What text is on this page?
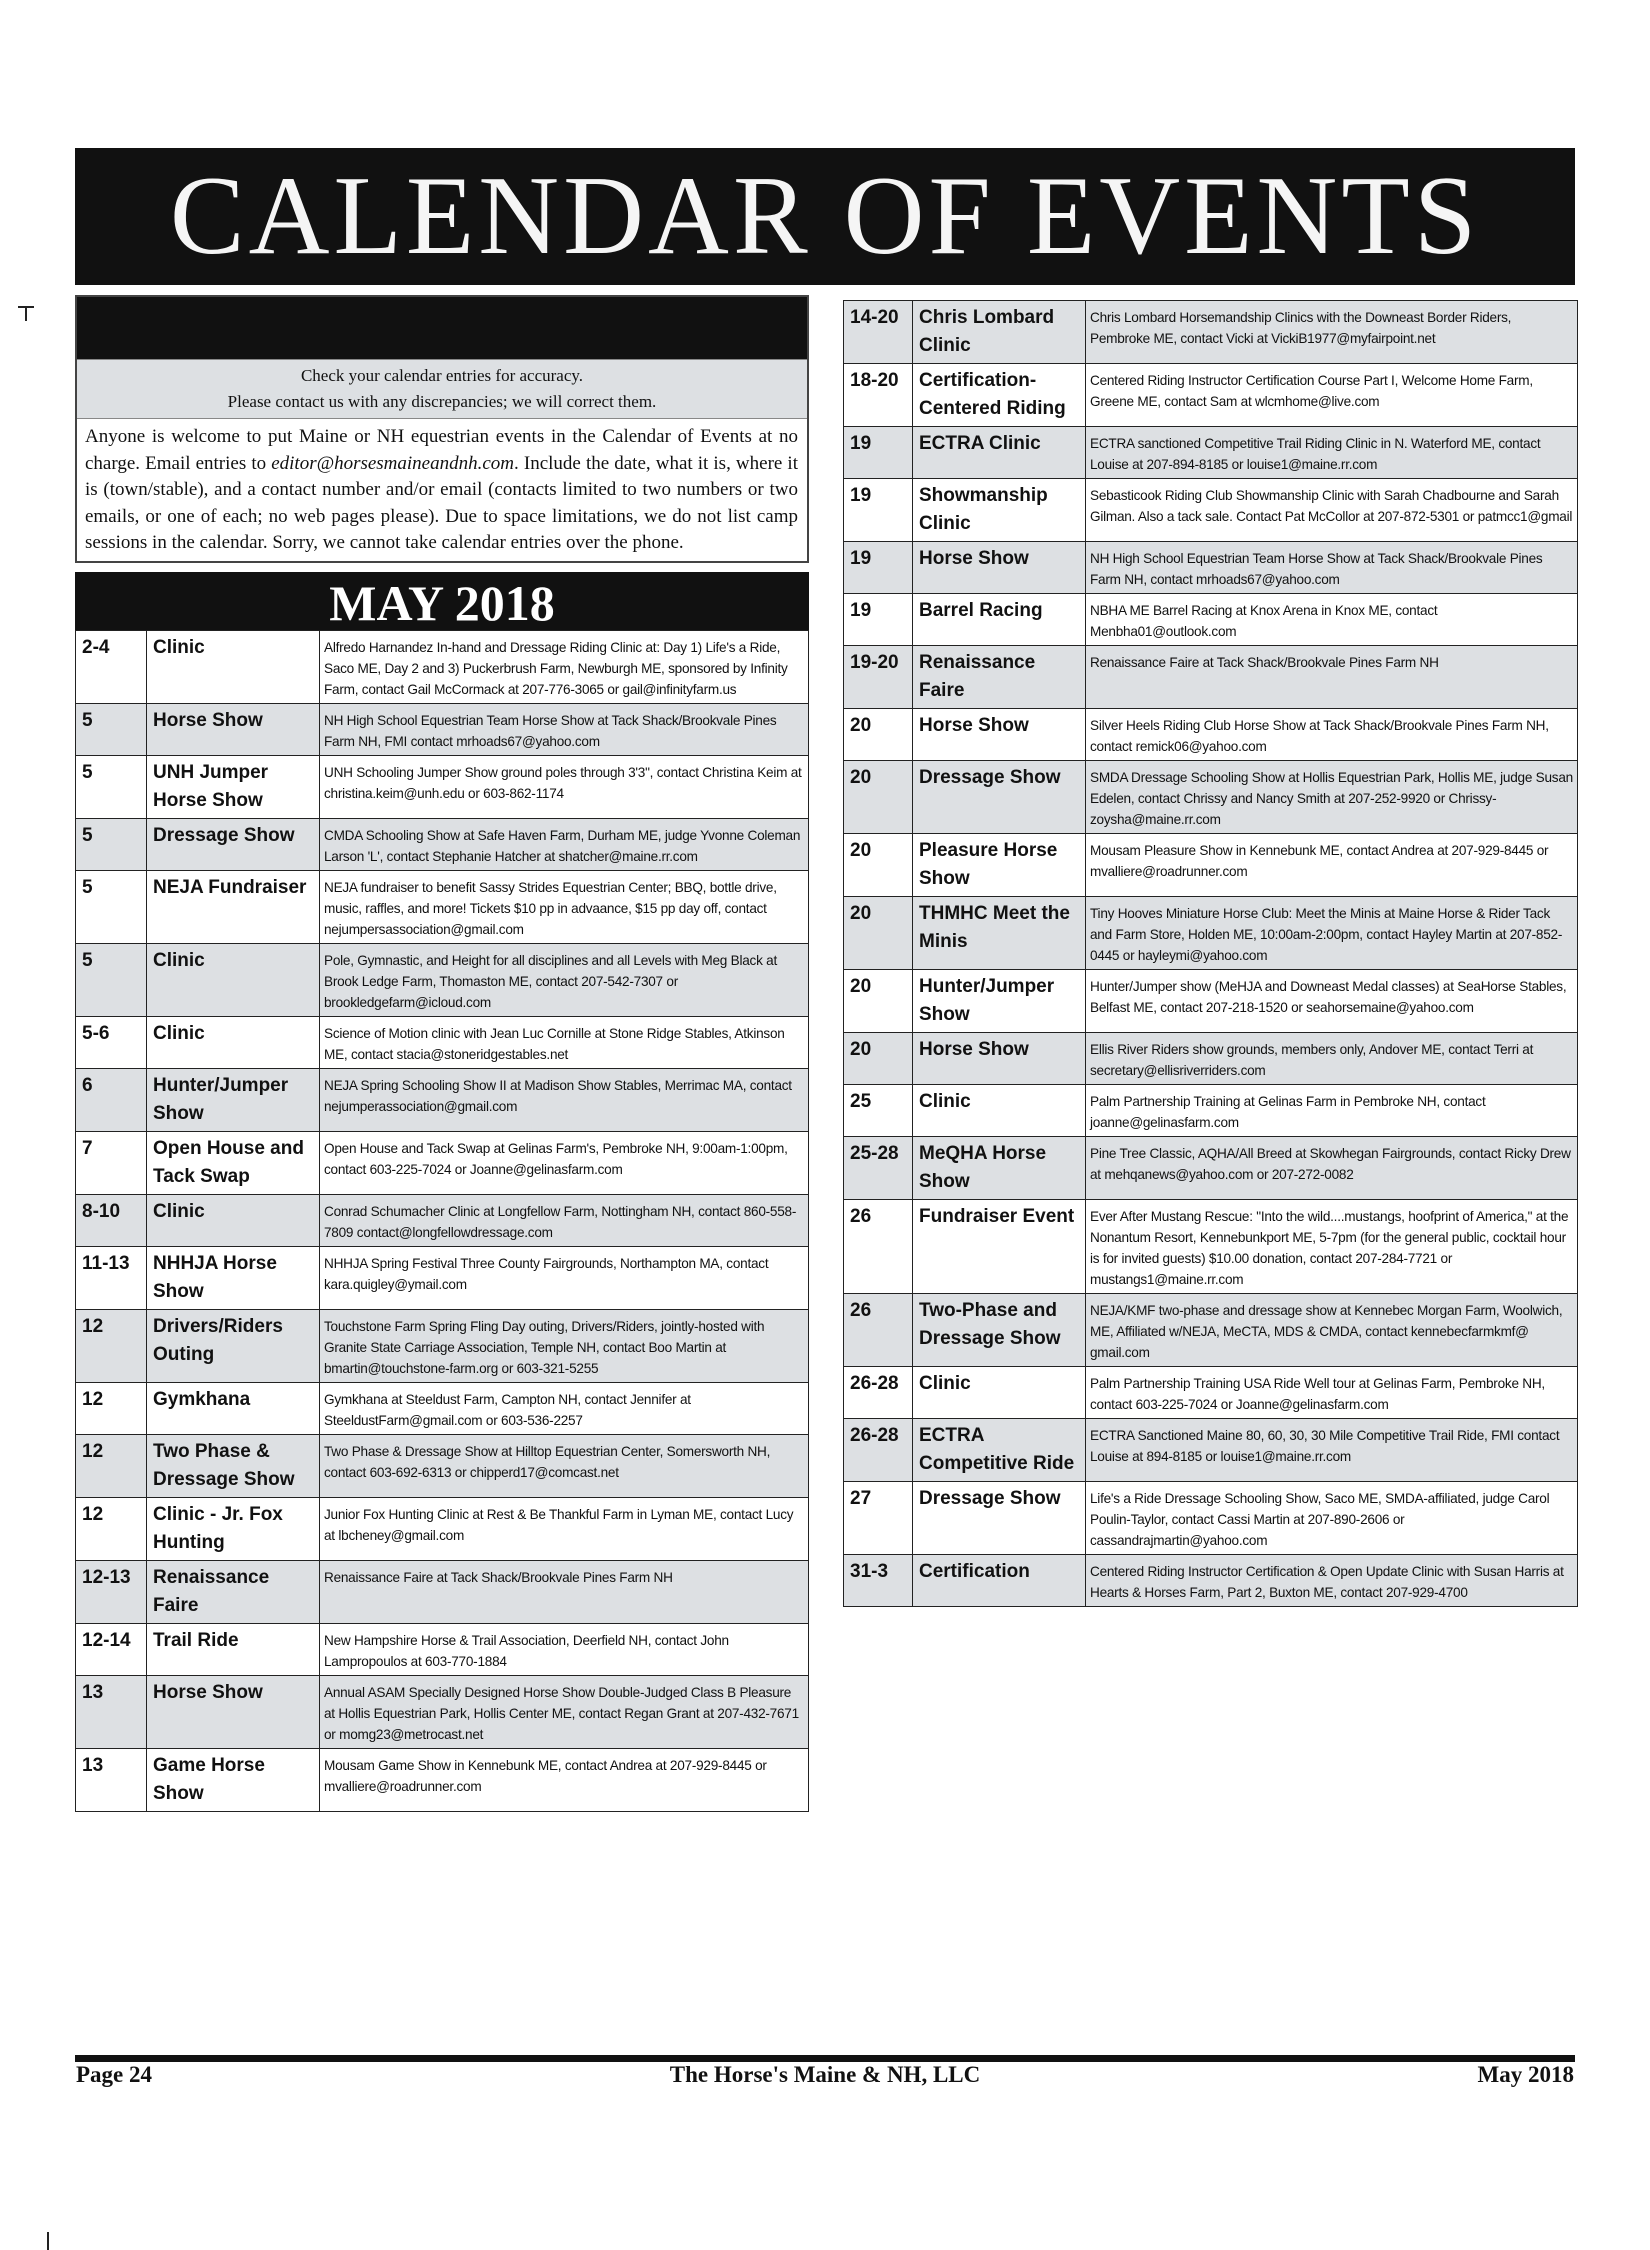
CALENDAR OF EVENTS
Check your calendar entries for accuracy.
Please contact us with any discrepancies; we will correct them.
Anyone is welcome to put Maine or NH equestrian events in the Calendar of Events at no charge. Email entries to editor@horsesmaineandnh.com. Include the date, what it is, where it is (town/stable), and a contact number and/or email (contacts limited to two numbers or two emails, or one of each; no web pages please). Due to space limitations, we do not list camp sessions in the calendar. Sorry, we cannot take calendar entries over the phone.
MAY 2018
2-4	Clinic	Alfredo Harnandez In-hand and Dressage Riding Clinic at: Day 1) Life's a Ride, Saco ME, Day 2 and 3) Puckerbrush Farm, Newburgh ME, sponsored by Infinity Farm, contact Gail McCormack at 207-776-3065 or gail@infinityfarm.us
5	Horse Show	NH High School Equestrian Team Horse Show at Tack Shack/Brookvale Pines Farm NH, FMI contact mrhoads67@yahoo.com
5	UNH Jumper Horse Show	UNH Schooling Jumper Show ground poles through 3'3", contact Christina Keim at christina.keim@unh.edu or 603-862-1174
5	Dressage Show	CMDA Schooling Show at Safe Haven Farm, Durham ME, judge Yvonne Coleman Larson 'L', contact Stephanie Hatcher at shatcher@maine.rr.com
5	NEJA Fundraiser	NEJA fundraiser to benefit Sassy Strides Equestrian Center; BBQ, bottle drive, music, raffles, and more! Tickets $10 pp in advaance, $15 pp day off, contact nejumpersassociation@gmail.com
5	Clinic	Pole, Gymnastic, and Height for all disciplines and all Levels with Meg Black at Brook Ledge Farm, Thomaston ME, contact 207-542-7307 or brookledgefarm@icloud.com
5-6	Clinic	Science of Motion clinic with Jean Luc Cornille at Stone Ridge Stables, Atkinson ME, contact stacia@stoneridgestables.net
6	Hunter/Jumper Show	NEJA Spring Schooling Show II at Madison Show Stables, Merrimac MA, contact nejumperassociation@gmail.com
7	Open House and Tack Swap	Open House and Tack Swap at Gelinas Farm's, Pembroke NH, 9:00am-1:00pm, contact 603-225-7024 or Joanne@gelinasfarm.com
8-10	Clinic	Conrad Schumacher Clinic at Longfellow Farm, Nottingham NH, contact 860-558-7809 contact@longfellowdressage.com
11-13	NHHJA Horse Show	NHHJA Spring Festival Three County Fairgrounds, Northampton MA, contact kara.quigley@ymail.com
12	Drivers/Riders Outing	Touchstone Farm Spring Fling Day outing, Drivers/Riders, jointly-hosted with Granite State Carriage Association, Temple NH, contact Boo Martin at bmartin@touchstone-farm.org or 603-321-5255
12	Gymkhana	Gymkhana at Steeldust Farm, Campton NH, contact Jennifer at SteeldustFarm@gmail.com or 603-536-2257
12	Two Phase & Dressage Show	Two Phase & Dressage Show at Hilltop Equestrian Center, Somersworth NH, contact 603-692-6313 or chipperd17@comcast.net
12	Clinic - Jr. Fox Hunting	Junior Fox Hunting Clinic at Rest & Be Thankful Farm in Lyman ME, contact Lucy at lbcheney@gmail.com
12-13	Renaissance Faire	Renaissance Faire at Tack Shack/Brookvale Pines Farm NH
12-14	Trail Ride	New Hampshire Horse & Trail Association, Deerfield NH, contact John Lampropoulos at 603-770-1884
13	Horse Show	Annual ASAM Specially Designed Horse Show Double-Judged Class B Pleasure at Hollis Equestrian Park, Hollis Center ME, contact Regan Grant at 207-432-7671 or momg23@metrocast.net
13	Game Horse Show	Mousam Game Show in Kennebunk ME, contact Andrea at 207-929-8445 or mvalliere@roadrunner.com
14-20	Chris Lombard Clinic	Chris Lombard Horsemandship Clinics with the Downeast Border Riders, Pembroke ME, contact Vicki at VickiB1977@myfairpoint.net
18-20	Certification- Centered Riding	Centered Riding Instructor Certification Course Part I, Welcome Home Farm, Greene ME, contact Sam at wlcmhome@live.com
19	ECTRA Clinic	ECTRA sanctioned Competitive Trail Riding Clinic in N. Waterford ME, contact Louise at 207-894-8185 or louise1@maine.rr.com
19	Showmanship Clinic	Sebasticook Riding Club Showmanship Clinic with Sarah Chadbourne and Sarah Gilman. Also a tack sale. Contact Pat McCollor at 207-872-5301 or patmcc1@gmail
19	Horse Show	NH High School Equestrian Team Horse Show at Tack Shack/Brookvale Pines Farm NH, contact mrhoads67@yahoo.com
19	Barrel Racing	NBHA ME Barrel Racing at Knox Arena in Knox ME, contact Menbha01@outlook.com
19-20	Renaissance Faire	Renaissance Faire at Tack Shack/Brookvale Pines Farm NH
20	Horse Show	Silver Heels Riding Club Horse Show at Tack Shack/Brookvale Pines Farm NH, contact remick06@yahoo.com
20	Dressage Show	SMDA Dressage Schooling Show at Hollis Equestrian Park, Hollis ME, judge Susan Edelen, contact Chrissy and Nancy Smith at 207-252-9920 or Chrissy-zoysha@maine.rr.com
20	Pleasure Horse Show	Mousam Pleasure Show in Kennebunk ME, contact Andrea at 207-929-8445 or mvalliere@roadrunner.com
20	THMHC Meet the Minis	Tiny Hooves Miniature Horse Club: Meet the Minis at Maine Horse & Rider Tack and Farm Store, Holden ME, 10:00am-2:00pm, contact Hayley Martin at 207-852-0445 or hayleymi@yahoo.com
20	Hunter/Jumper Show	Hunter/Jumper show (MeHJA and Downeast Medal classes) at SeaHorse Stables, Belfast ME, contact 207-218-1520 or seahorsemaine@yahoo.com
20	Horse Show	Ellis River Riders show grounds, members only, Andover ME, contact Terri at secretary@ellisriverriders.com
25	Clinic	Palm Partnership Training at Gelinas Farm in Pembroke NH, contact joanne@gelinasfarm.com
25-28	MeQHA Horse Show	Pine Tree Classic, AQHA/All Breed at Skowhegan Fairgrounds, contact Ricky Drew at mehqanews@yahoo.com or 207-272-0082
26	Fundraiser Event	Ever After Mustang Rescue: "Into the wild....mustangs, hoofprint of America," at the Nonantum Resort, Kennebunkport ME, 5-7pm (for the general public, cocktail hour is for invited guests) $10.00 donation, contact 207-284-7721 or mustangs1@maine.rr.com
26	Two-Phase and Dressage Show	NEJA/KMF two-phase and dressage show at Kennebec Morgan Farm, Woolwich, ME, Affiliated w/NEJA, MeCTA, MDS & CMDA, contact kennebecfarmkmf@ gmail.com
26-28	Clinic	Palm Partnership Training USA Ride Well tour at Gelinas Farm, Pembroke NH, contact 603-225-7024 or Joanne@gelinasfarm.com
26-28	ECTRA Competitive Ride	ECTRA Sanctioned Maine 80, 60, 30, 30 Mile Competitive Trail Ride, FMI contact Louise at 894-8185 or louise1@maine.rr.com
27	Dressage Show	Life's a Ride Dressage Schooling Show, Saco ME, SMDA-affiliated, judge Carol Poulin-Taylor, contact Cassi Martin at 207-890-2606 or cassandrajmartin@yahoo.com
31-3	Certification	Centered Riding Instructor Certification & Open Update Clinic with Susan Harris at Hearts & Horses Farm, Part 2, Buxton ME, contact 207-929-4700
Page 24	The Horse's Maine & NH, LLC	May 2018
